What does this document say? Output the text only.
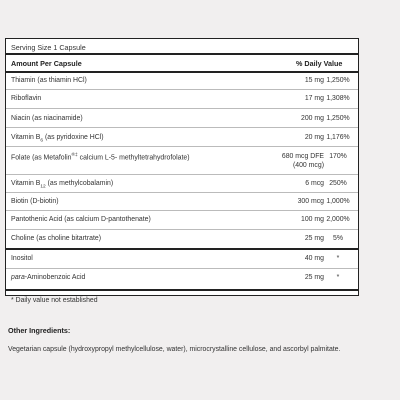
Serving Size 1 Capsule
Amount Per Capsule	% Daily Value
Thiamin (as thiamin HCl)	15 mg 1,250%
Riboflavin	17 mg 1,308%
Niacin (as niacinamide)	200 mg 1,250%
Vitamin $B_6$ (as pyridoxine HCl)	20 mg 1,176%
Folate (as Metafolin®‡ calcium L-5- methyltetrahydrofolate)	680 mcg DFE 170%
(400 mcg)
Vitamin $B_{12}$ (as methylcobalamin)	6 mcg 250%
Biotin (D-biotin)	300 mcg 1,000%
Pantothenic Acid (as calcium D-pantothenate)	100 mg 2,000%
Choline (as choline bitartrate)	25 mg	5%
Inositol	40 mg	*
para-Aminobenzoic Acid	25 mg	*
* Daily value not established
Other Ingredients:
Vegetarian capsule (hydroxypropyl methylcellulose, water), microcrystalline cellulose, and ascorbyl palmitate.
